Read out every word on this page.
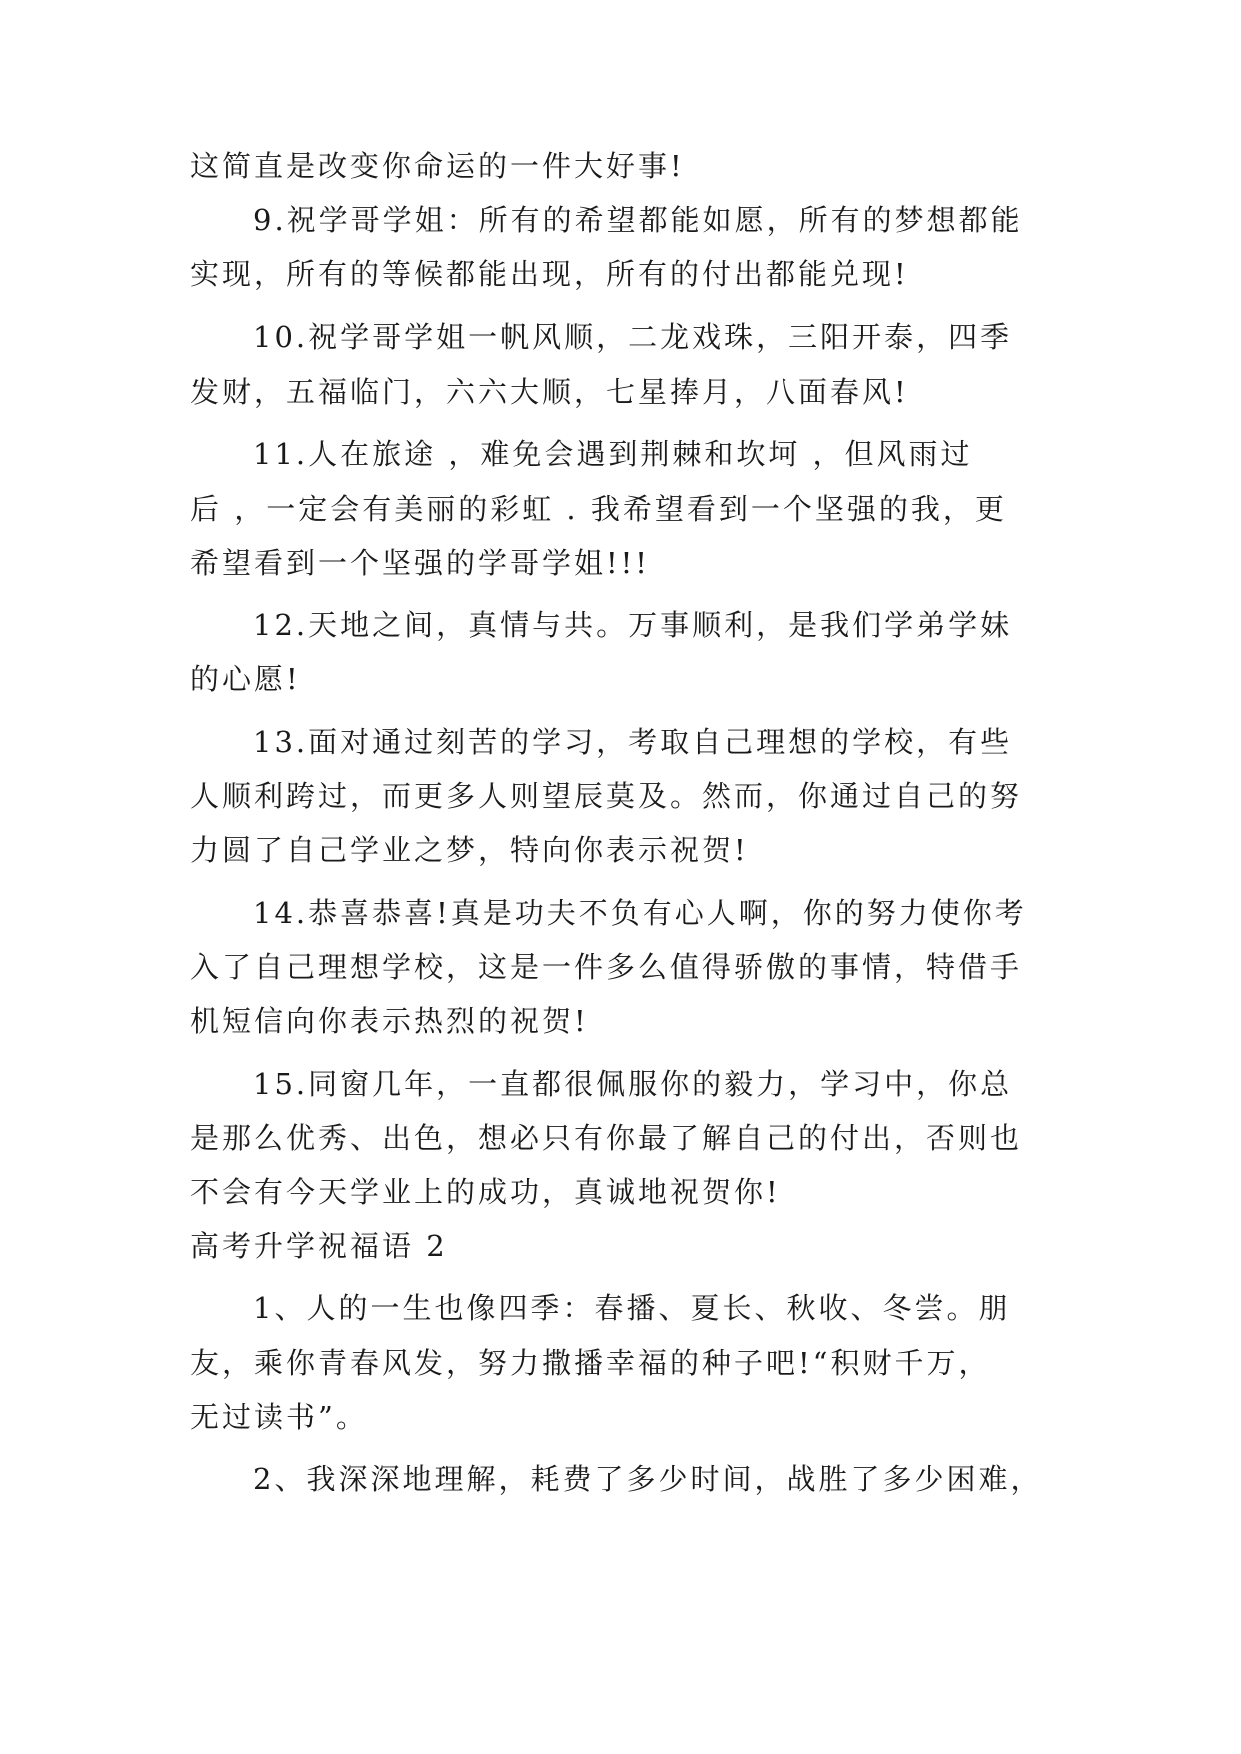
这简直是改变你命运的一件大好事!
9.祝学哥学姐：所有的希望都能如愿，所有的梦想都能
实现，所有的等候都能出现，所有的付出都能兑现!
10.祝学哥学姐一帆风顺，二龙戏珠，三阳开泰，四季
发财，五福临门，六六大顺，七星捧月，八面春风!
11.人在旅途 ，难免会遇到荆棘和坎坷 ，但风雨过
后 ，一定会有美丽的彩虹 . 我希望看到一个坚强的我，更
希望看到一个坚强的学哥学姐!!!
12.天地之间，真情与共。万事顺利，是我们学弟学妹
的心愿!
13.面对通过刻苦的学习，考取自己理想的学校，有些
人顺利跨过，而更多人则望辰莫及。然而，你通过自己的努
力圆了自己学业之梦，特向你表示祝贺!
14.恭喜恭喜!真是功夫不负有心人啊，你的努力使你考
入了自己理想学校，这是一件多么值得骄傲的事情，特借手
机短信向你表示热烈的祝贺!
15.同窗几年，一直都很佩服你的毅力，学习中，你总
是那么优秀、出色，想必只有你最了解自己的付出，否则也
不会有今天学业上的成功，真诚地祝贺你!
高考升学祝福语 2
1、人的一生也像四季：春播、夏长、秋收、冬尝。朋
友，乘你青春风发，努力撒播幸福的种子吧!“积财千万，
无过读书”。
2、我深深地理解，耗费了多少时间，战胜了多少困难，
